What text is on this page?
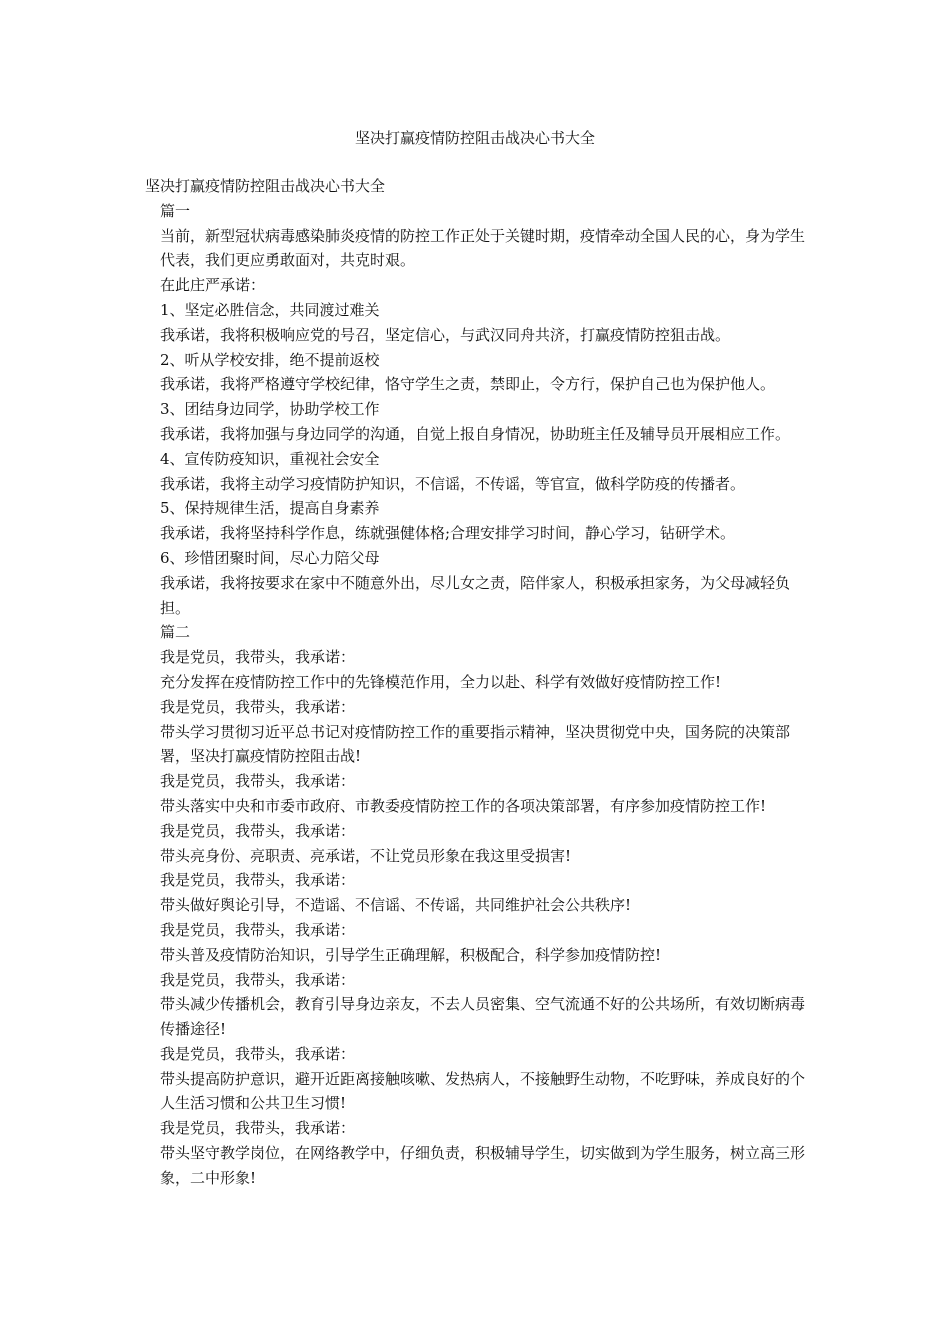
坚决打赢疫情防控阻击战决心书大全

坚决打赢疫情防控阻击战决心书大全

篇一

当前，新型冠状病毒感染肺炎疫情的防控工作正处于关键时期，疫情牵动全国人民的心，身为学生代表，我们更应勇敢面对，共克时艰。

在此庄严承诺：

1、坚定必胜信念，共同渡过难关

我承诺，我将积极响应党的号召，坚定信心，与武汉同舟共济，打赢疫情防控狙击战。

2、听从学校安排，绝不提前返校

我承诺，我将严格遵守学校纪律，恪守学生之责，禁即止，令方行，保护自己也为保护他人。

3、团结身边同学，协助学校工作

我承诺，我将加强与身边同学的沟通，自觉上报自身情况，协助班主任及辅导员开展相应工作。

4、宣传防疫知识，重视社会安全

我承诺，我将主动学习疫情防护知识，不信谣，不传谣，等官宣，做科学防疫的传播者。

5、保持规律生活，提高自身素养

我承诺，我将坚持科学作息，练就强健体格;合理安排学习时间，静心学习，钻研学术。

6、珍惜团聚时间，尽心力陪父母

我承诺，我将按要求在家中不随意外出，尽儿女之责，陪伴家人，积极承担家务，为父母减轻负担。

篇二

我是党员，我带头，我承诺：

充分发挥在疫情防控工作中的先锋模范作用，全力以赴、科学有效做好疫情防控工作!

我是党员，我带头，我承诺：

带头学习贯彻习近平总书记对疫情防控工作的重要指示精神，坚决贯彻党中央，国务院的决策部署，坚决打赢疫情防控阻击战!

我是党员，我带头，我承诺：

带头落实中央和市委市政府、市教委疫情防控工作的各项决策部署，有序参加疫情防控工作!

我是党员，我带头，我承诺：

带头亮身份、亮职责、亮承诺，不让党员形象在我这里受损害!

我是党员，我带头，我承诺：

带头做好舆论引导，不造谣、不信谣、不传谣，共同维护社会公共秩序!

我是党员，我带头，我承诺：

带头普及疫情防治知识，引导学生正确理解，积极配合，科学参加疫情防控!

我是党员，我带头，我承诺：

带头减少传播机会，教育引导身边亲友，不去人员密集、空气流通不好的公共场所，有效切断病毒传播途径!

我是党员，我带头，我承诺：

带头提高防护意识，避开近距离接触咳嗽、发热病人，不接触野生动物，不吃野味，养成良好的个人生活习惯和公共卫生习惯!

我是党员，我带头，我承诺：

带头坚守教学岗位，在网络教学中，仔细负责，积极辅导学生，切实做到为学生服务，树立高三形象，二中形象!
